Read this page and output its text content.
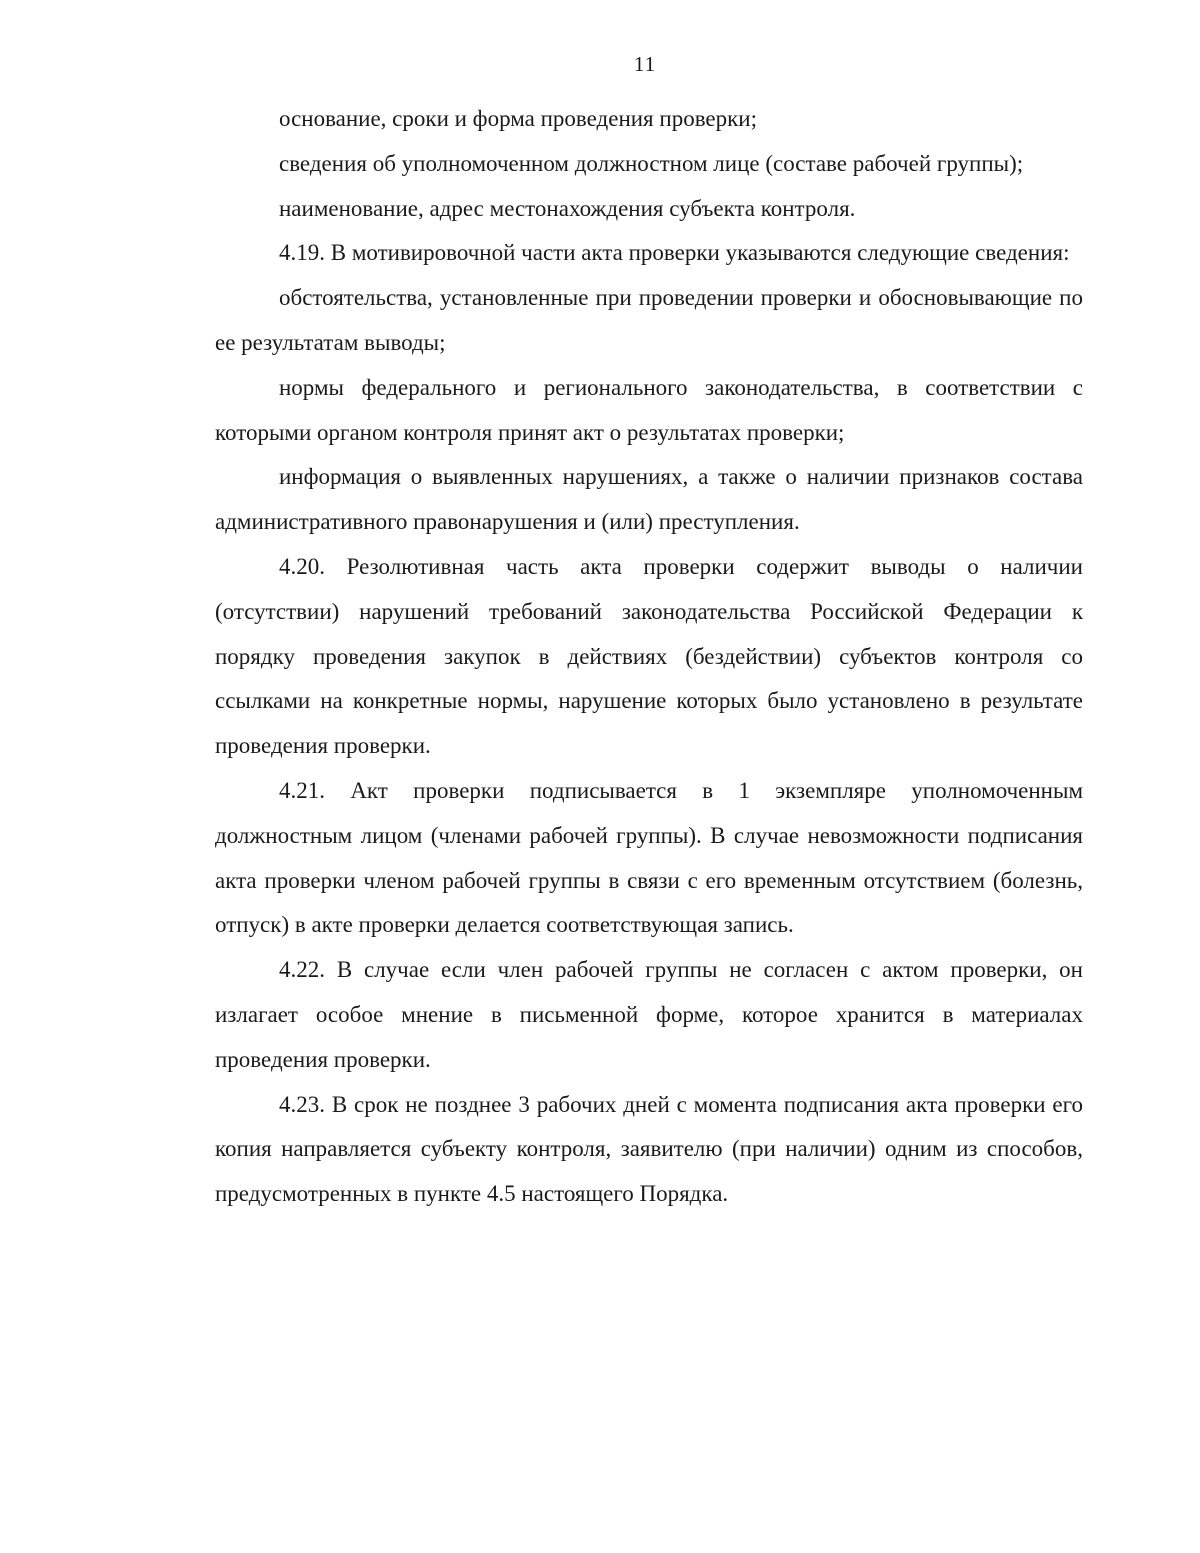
11

основание, сроки и форма проведения проверки;

сведения об уполномоченном должностном лице (составе рабочей группы);

наименование, адрес местонахождения субъекта контроля.

4.19. В мотивировочной части акта проверки указываются следующие сведения:

обстоятельства, установленные при проведении проверки и обосновывающие по ее результатам выводы;

нормы федерального и регионального законодательства, в соответствии с которыми органом контроля принят акт о результатах проверки;

информация о выявленных нарушениях, а также о наличии признаков состава административного правонарушения и (или) преступления.

4.20. Резолютивная часть акта проверки содержит выводы о наличии (отсутствии) нарушений требований законодательства Российской Федерации к порядку проведения закупок в действиях (бездействии) субъектов контроля со ссылками на конкретные нормы, нарушение которых было установлено в результате проведения проверки.

4.21. Акт проверки подписывается в 1 экземпляре уполномоченным должностным лицом (членами рабочей группы). В случае невозможности подписания акта проверки членом рабочей группы в связи с его временным отсутствием (болезнь, отпуск) в акте проверки делается соответствующая запись.

4.22. В случае если член рабочей группы не согласен с актом проверки, он излагает особое мнение в письменной форме, которое хранится в материалах проведения проверки.

4.23. В срок не позднее 3 рабочих дней с момента подписания акта проверки его копия направляется субъекту контроля, заявителю (при наличии) одним из способов, предусмотренных в пункте 4.5 настоящего Порядка.
